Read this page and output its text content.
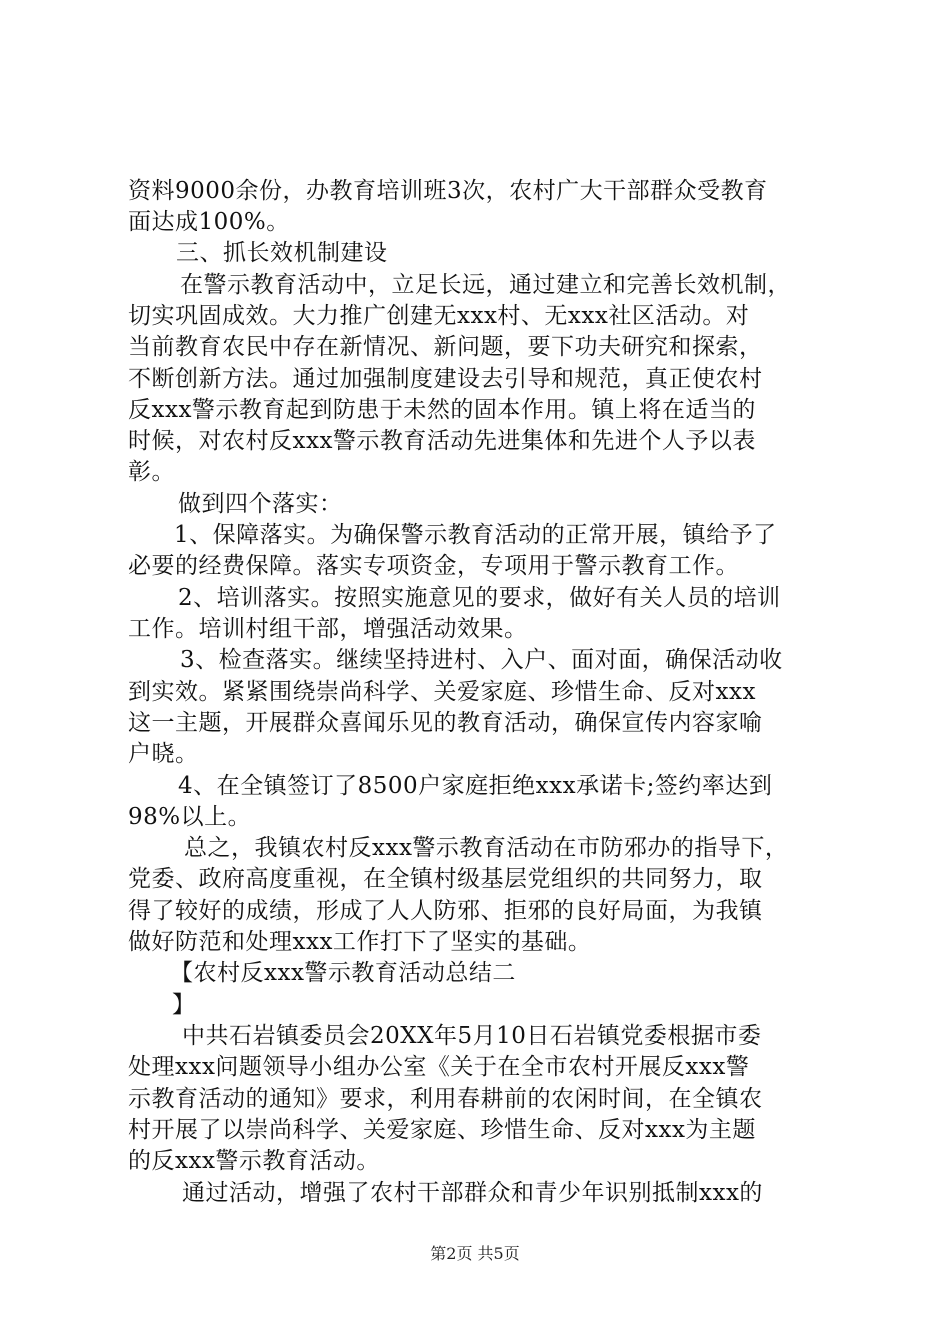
资料9000余份，办教育培训班3次，农村广大干部群众受教育
面达成100%。
三、抓长效机制建设
在警示教育活动中，立足长远，通过建立和完善长效机制，
切实巩固成效。大力推广创建无xxx村、无xxx社区活动。对
当前教育农民中存在新情况、新问题，要下功夫研究和探索，
不断创新方法。通过加强制度建设去引导和规范，真正使农村
反xxx警示教育起到防患于未然的固本作用。镇上将在适当的
时候，对农村反xxx警示教育活动先进集体和先进个人予以表
彰。
做到四个落实：
1、保障落实。为确保警示教育活动的正常开展，镇给予了
必要的经费保障。落实专项资金，专项用于警示教育工作。
2、培训落实。按照实施意见的要求，做好有关人员的培训
工作。培训村组干部，增强活动效果。
3、检查落实。继续坚持进村、入户、面对面，确保活动收
到实效。紧紧围绕崇尚科学、关爱家庭、珍惜生命、反对xxx
这一主题，开展群众喜闻乐见的教育活动，确保宣传内容家喻
户晓。
4、在全镇签订了8500户家庭拒绝xxx承诺卡;签约率达到
98%以上。
总之，我镇农村反xxx警示教育活动在市防邪办的指导下，
党委、政府高度重视，在全镇村级基层党组织的共同努力，取
得了较好的成绩，形成了人人防邪、拒邪的良好局面，为我镇
做好防范和处理xxx工作打下了坚实的基础。
【农村反xxx警示教育活动总结二
】
中共石岩镇委员会20XX年5月10日石岩镇党委根据市委
处理xxx问题领导小组办公室《关于在全市农村开展反xxx警
示教育活动的通知》要求，利用春耕前的农闲时间，在全镇农
村开展了以崇尚科学、关爱家庭、珍惜生命、反对xxx为主题
的反xxx警示教育活动。
通过活动，增强了农村干部群众和青少年识别抵制xxx的
第2页 共5页
